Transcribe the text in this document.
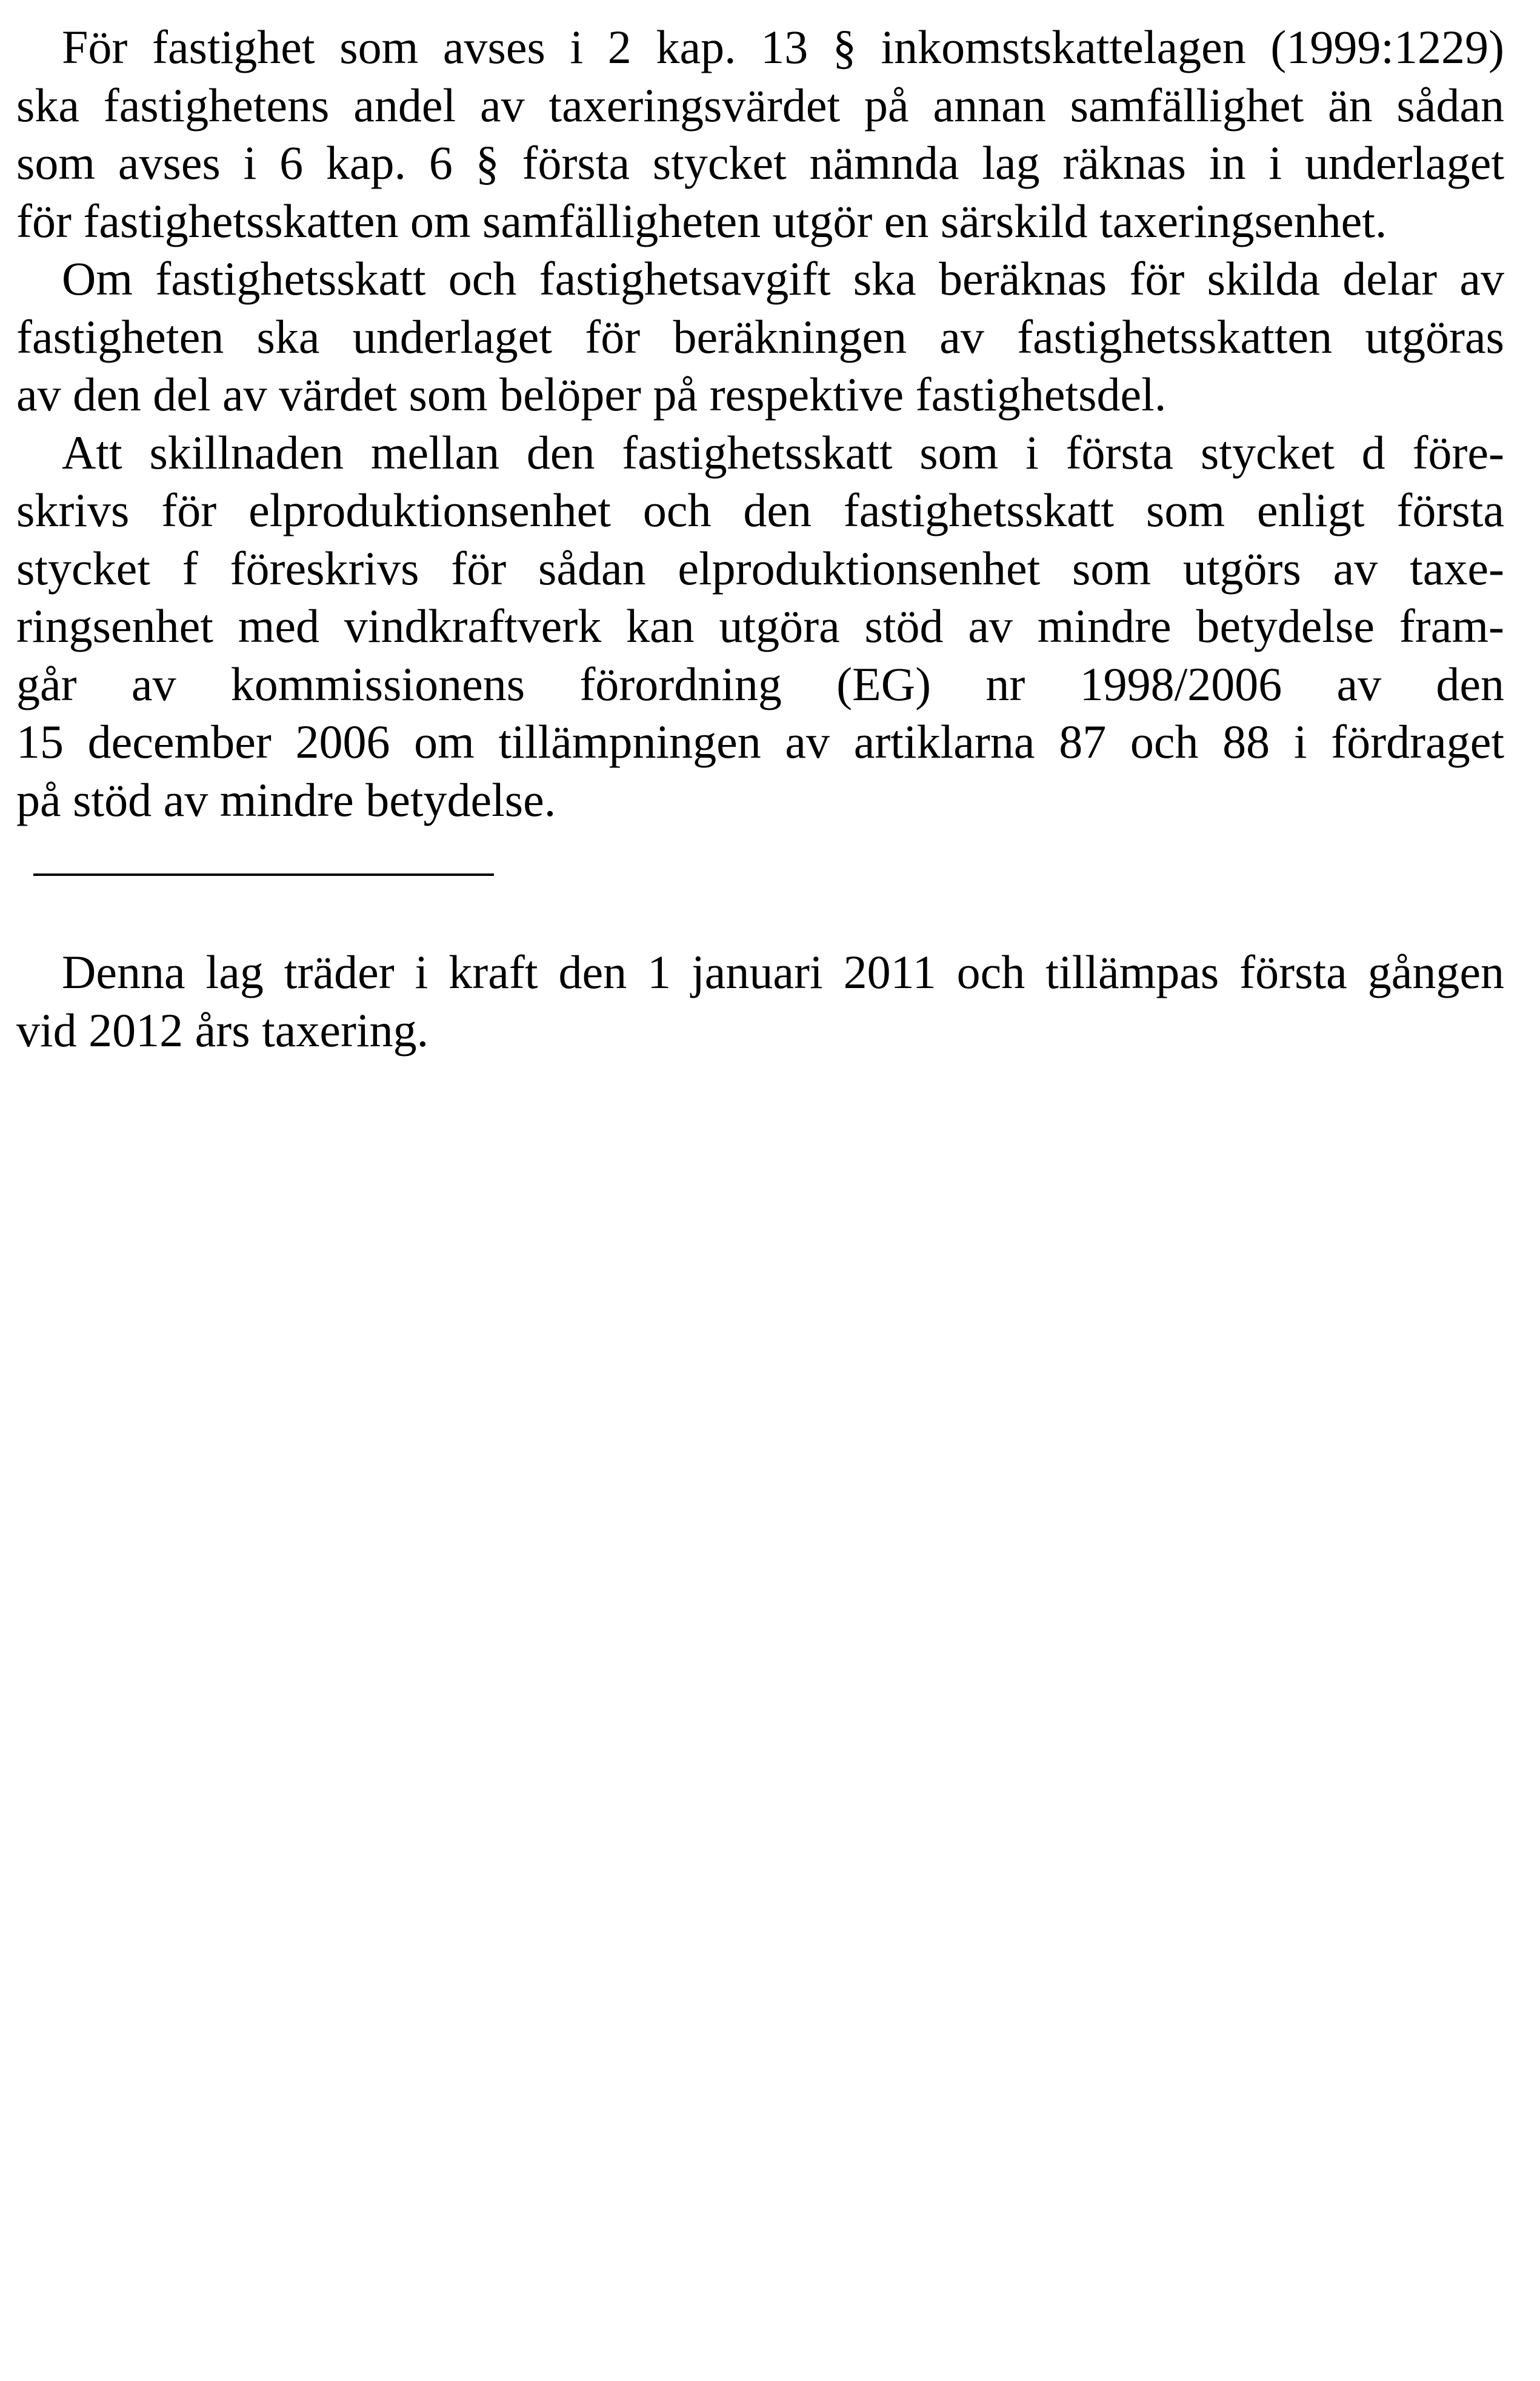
För fastighet som avses i 2 kap. 13 § inkomstskattelagen (1999:1229)
ska fastighetens andel av taxeringsvärdet på annan samfällighet än sådan
som avses i 6 kap. 6 § första stycket nämnda lag räknas in i underlaget
för fastighetsskatten om samfälligheten utgör en särskild taxeringsenhet.

Om fastighetsskatt och fastighetsavgift ska beräknas för skilda delar av
fastigheten ska underlaget för beräkningen av fastighetsskatten utgöras
av den del av värdet som belöper på respektive fastighetsdel.

Att skillnaden mellan den fastighetsskatt som i första stycket d före-
skrivs för elproduktionsenhet och den fastighetsskatt som enligt första
stycket f föreskrivs för sådan elproduktionsenhet som utgörs av taxe-
ringsenhet med vindkraftverk kan utgöra stöd av mindre betydelse fram-
går av kommissionens förordning (EG) nr 1998/2006 av den
15 december 2006 om tillämpningen av artiklarna 87 och 88 i fördraget
på stöd av mindre betydelse.

Denna lag träder i kraft den 1 januari 2011 och tillämpas första gången
vid 2012 års taxering.
